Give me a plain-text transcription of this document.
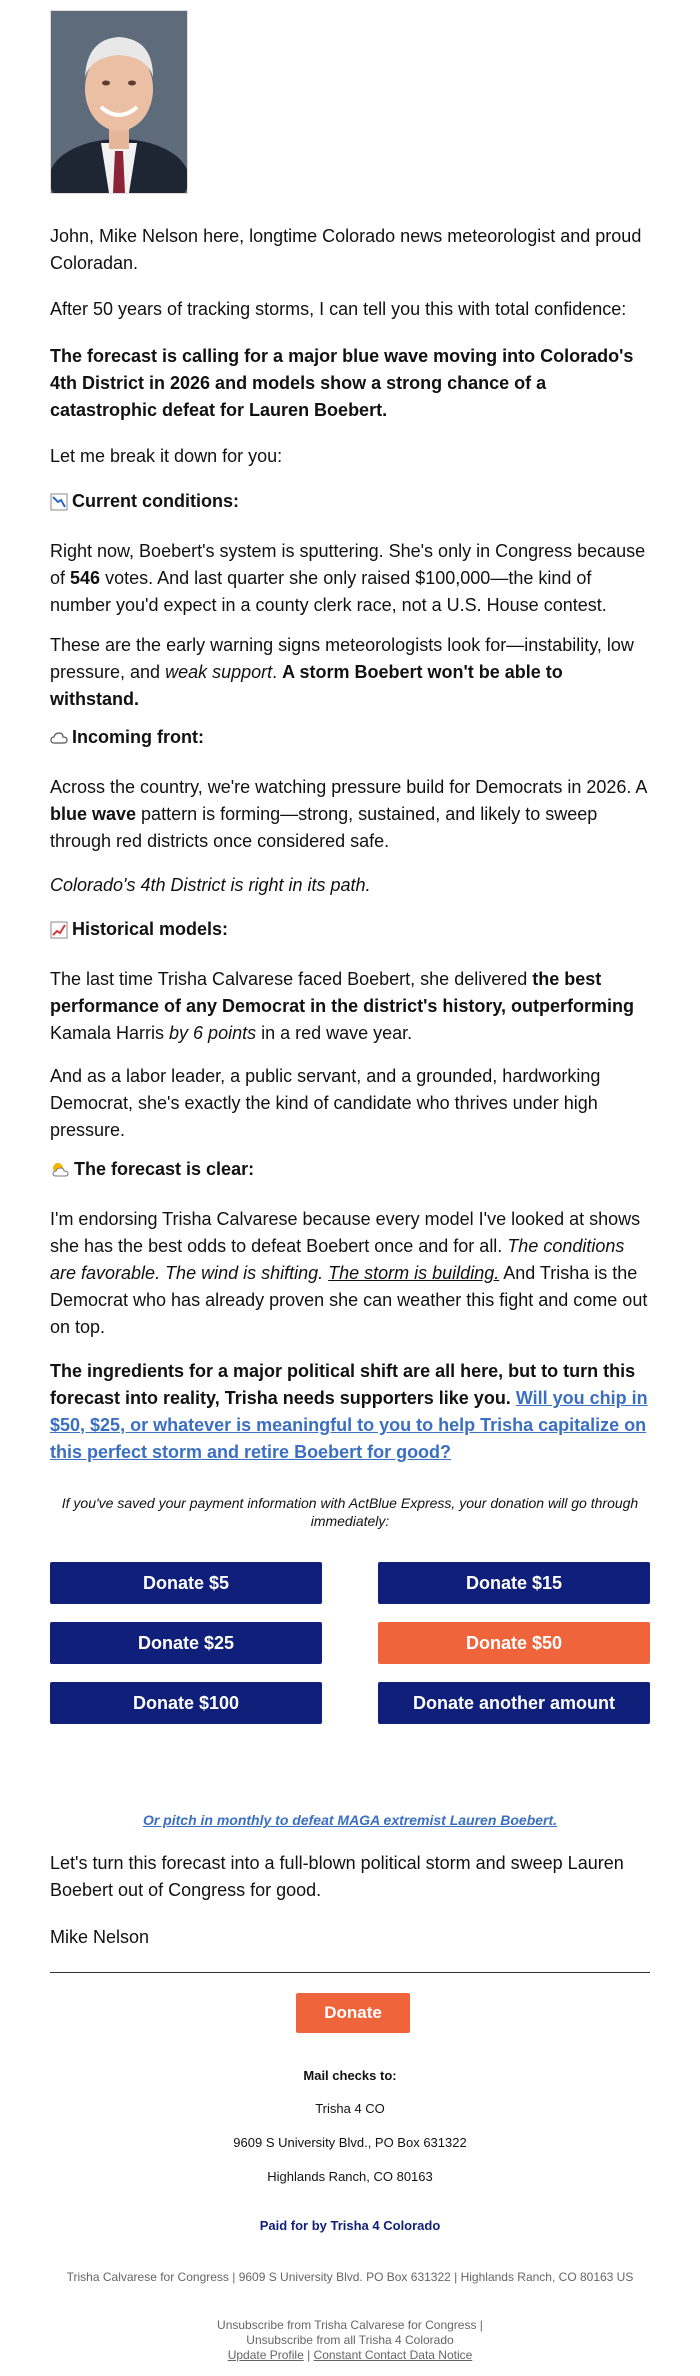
John, Mike Nelson here, longtime Colorado news meteorologist and proud Coloradan.

After 50 years of tracking storms, I can tell you this with total confidence:

The forecast is calling for a major blue wave moving into Colorado's 4th District in 2026 and models show a strong chance of a catastrophic defeat for Lauren Boebert.

Let me break it down for you:

Current conditions:

Right now, Boebert's system is sputtering. She's only in Congress because of 546 votes. And last quarter she only raised $100,000—the kind of number you'd expect in a county clerk race, not a U.S. House contest.

These are the early warning signs meteorologists look for—instability, low pressure, and weak support. A storm Boebert won't be able to withstand.

Incoming front:

Across the country, we're watching pressure build for Democrats in 2026. A blue wave pattern is forming—strong, sustained, and likely to sweep through red districts once considered safe.

Colorado's 4th District is right in its path.

Historical models:

The last time Trisha Calvarese faced Boebert, she delivered the best performance of any Democrat in the district's history, outperforming Kamala Harris by 6 points in a red wave year.

And as a labor leader, a public servant, and a grounded, hardworking Democrat, she's exactly the kind of candidate who thrives under high pressure.

The forecast is clear:

I'm endorsing Trisha Calvarese because every model I've looked at shows she has the best odds to defeat Boebert once and for all. The conditions are favorable. The wind is shifting. The storm is building. And Trisha is the Democrat who has already proven she can weather this fight and come out on top.

The ingredients for a major political shift are all here, but to turn this forecast into reality, Trisha needs supporters like you. Will you chip in $50, $25, or whatever is meaningful to you to help Trisha capitalize on this perfect storm and retire Boebert for good?

If you've saved your payment information with ActBlue Express, your donation will go through immediately:

Donate $5	Donate $15
Donate $25	Donate $50
Donate $100	Donate another amount
Or pitch in monthly to defeat MAGA extremist Lauren Boebert.

Let's turn this forecast into a full-blown political storm and sweep Lauren Boebert out of Congress for good.

Mike Nelson

Donate

Mail checks to:

Trisha 4 CO

9609 S University Blvd., PO Box 631322

Highlands Ranch, CO 80163

Paid for by Trisha 4 Colorado

Trisha Calvarese for Congress | 9609 S University Blvd. PO Box 631322 | Highlands Ranch, CO 80163 US

Unsubscribe from Trisha Calvarese for Congress |

Unsubscribe from all Trisha 4 Colorado

Update Profile | Constant Contact Data Notice
